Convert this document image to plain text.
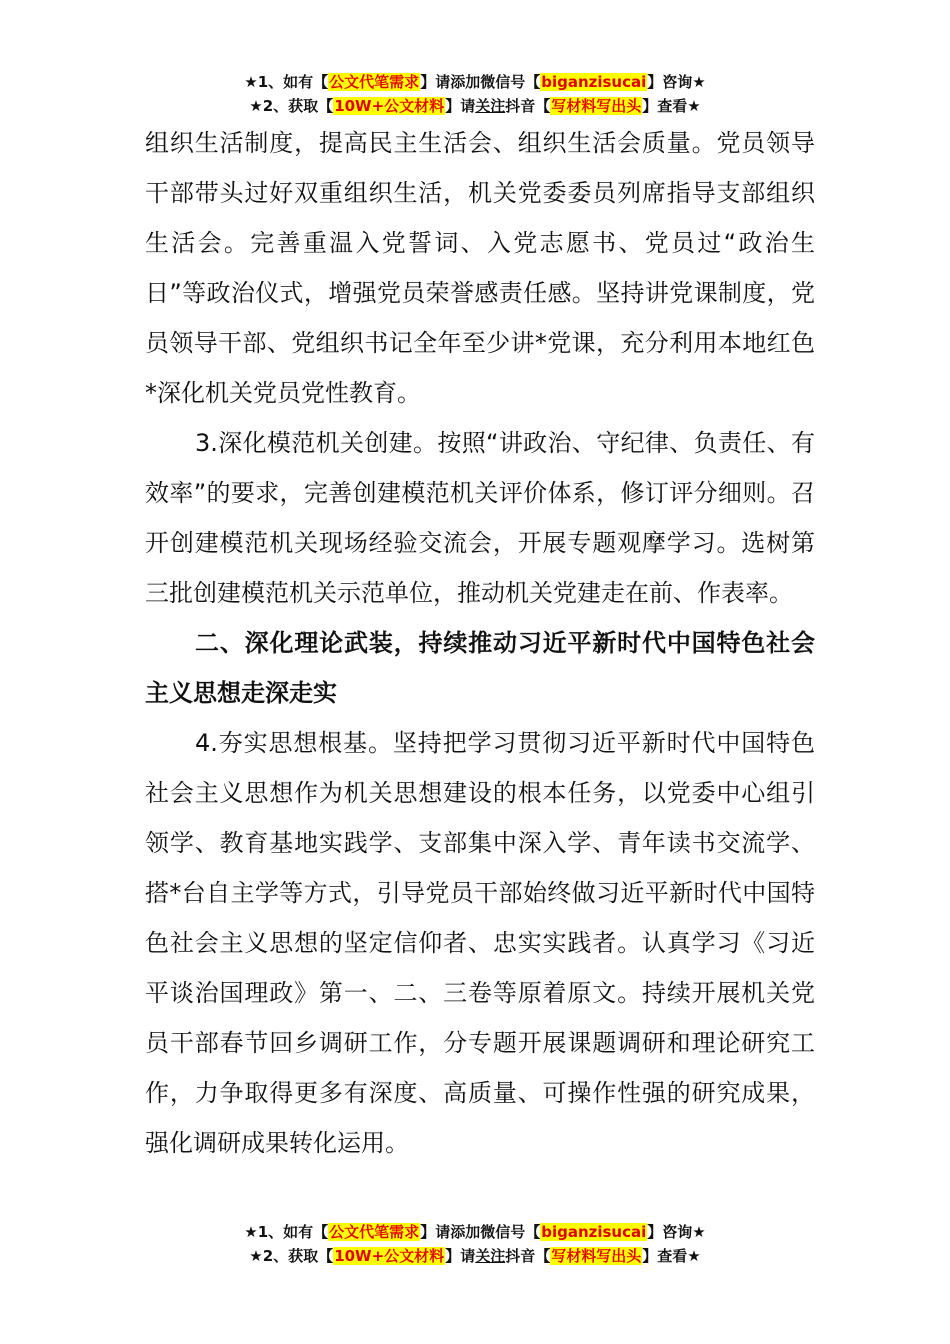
★1、如有【公文代笔需求】请添加微信号【biganzisucai】咨询★
★2、获取【10W+公文材料】请关注抖音【写材料写出头】查看★

组织生活制度，提高民主生活会、组织生活会质量。党员领导干部带头过好双重组织生活，机关党委委员列席指导支部组织生活会。完善重温入党誓词、入党志愿书、党员过“政治生日”等政治仪式，增强党员荣誉感责任感。坚持讲党课制度，党员领导干部、党组织书记全年至少讲*党课，充分利用本地红色*深化机关党员党性教育。

3.深化模范机关创建。按照“讲政治、守纪律、负责任、有效率”的要求，完善创建模范机关评价体系，修订评分细则。召开创建模范机关现场经验交流会，开展专题观摩学习。选树第三批创建模范机关示范单位，推动机关党建走在前、作表率。

二、深化理论武装，持续推动习近平新时代中国特色社会主义思想走深走实

4.夯实思想根基。坚持把学习贯彻习近平新时代中国特色社会主义思想作为机关思想建设的根本任务，以党委中心组引领学、教育基地实践学、支部集中深入学、青年读书交流学、搭*台自主学等方式，引导党员干部始终做习近平新时代中国特色社会主义思想的坚定信仰者、忠实实践者。认真学习《习近平谈治国理政》第一、二、三卷等原着原文。持续开展机关党员干部春节回乡调研工作，分专题开展课题调研和理论研究工作，力争取得更多有深度、高质量、可操作性强的研究成果，强化调研成果转化运用。

★1、如有【公文代笔需求】请添加微信号【biganzisucai】咨询★
★2、获取【10W+公文材料】请关注抖音【写材料写出头】查看★
